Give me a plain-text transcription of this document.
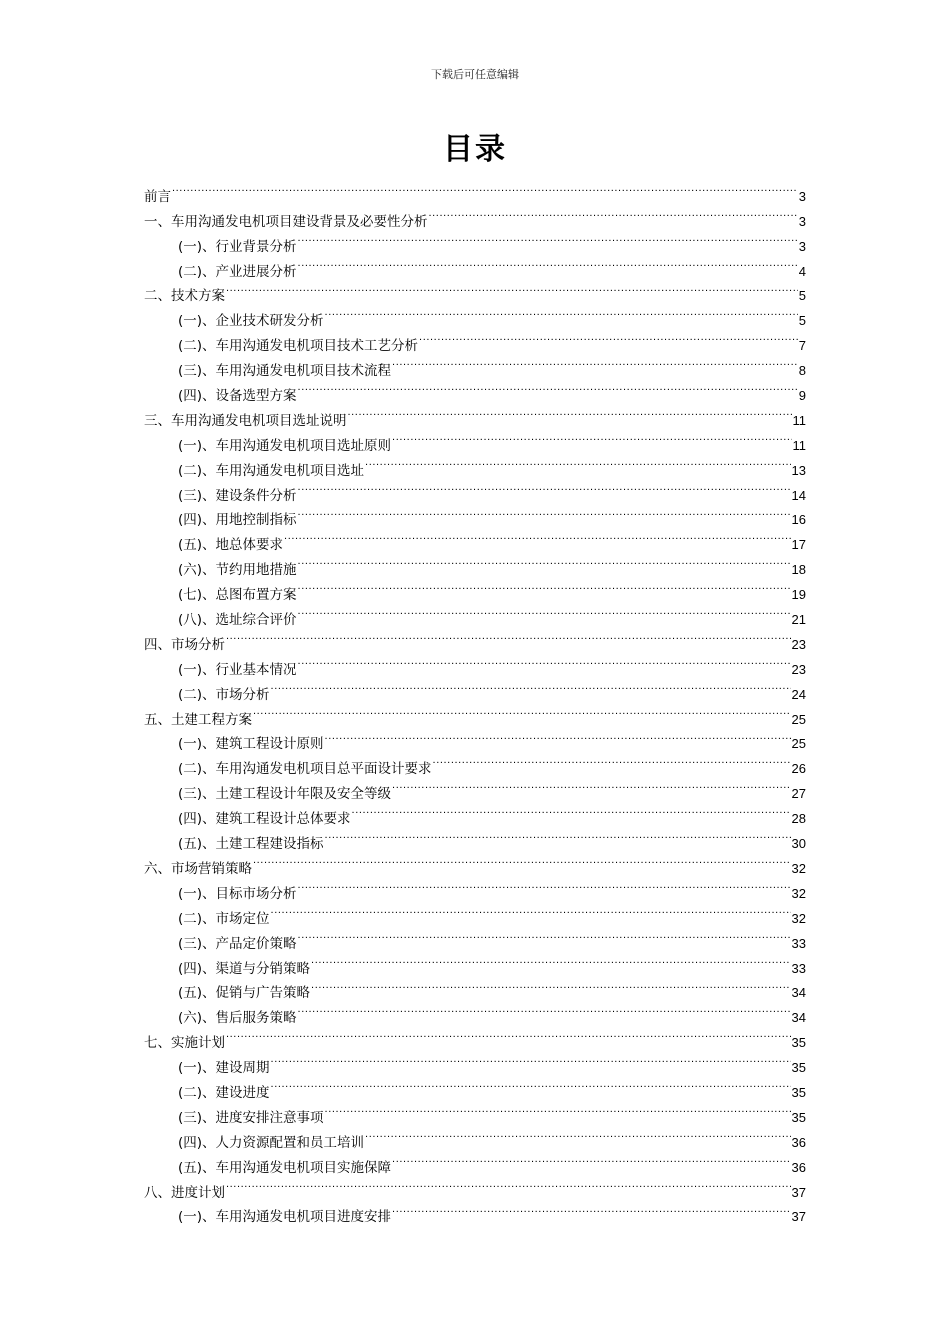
下载后可任意编辑
目录
前言 .....	3
一、车用沟通发电机项目建设背景及必要性分析 .....	3
(一)、行业背景分析 .....	3
(二)、产业进展分析 .....	4
二、技术方案 .....	5
(一)、企业技术研发分析 .....	5
(二)、车用沟通发电机项目技术工艺分析 .....	7
(三)、车用沟通发电机项目技术流程 .....	8
(四)、设备选型方案 .....	9
三、车用沟通发电机项目选址说明 .....	11
(一)、车用沟通发电机项目选址原则 .....	11
(二)、车用沟通发电机项目选址 .....	13
(三)、建设条件分析 .....	14
(四)、用地控制指标 .....	16
(五)、地总体要求 .....	17
(六)、节约用地措施 .....	18
(七)、总图布置方案 .....	19
(八)、选址综合评价 .....	21
四、市场分析 .....	23
(一)、行业基本情况 .....	23
(二)、市场分析 .....	24
五、土建工程方案 .....	25
(一)、建筑工程设计原则 .....	25
(二)、车用沟通发电机项目总平面设计要求 .....	26
(三)、土建工程设计年限及安全等级 .....	27
(四)、建筑工程设计总体要求 .....	28
(五)、土建工程建设指标 .....	30
六、市场营销策略 .....	32
(一)、目标市场分析 .....	32
(二)、市场定位 .....	32
(三)、产品定价策略 .....	33
(四)、渠道与分销策略 .....	33
(五)、促销与广告策略 .....	34
(六)、售后服务策略 .....	34
七、实施计划 .....	35
(一)、建设周期 .....	35
(二)、建设进度 .....	35
(三)、进度安排注意事项 .....	35
(四)、人力资源配置和员工培训 .....	36
(五)、车用沟通发电机项目实施保障 .....	36
八、进度计划 .....	37
(一)、车用沟通发电机项目进度安排 .....	37
